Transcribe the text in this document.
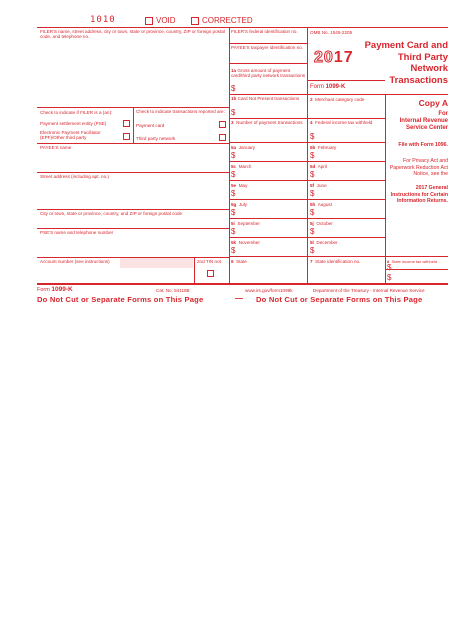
1010	VOID	CORRECTED
FILER'S name, street address, city or town, state or province, country, ZIP or foreign postal code, and telephone no.
FILER'S federal identification no.
PAYEE'S taxpayer identification no.
Check to indicate if FILER is a (an):	Check to indicate transactions reported are:
Payment settlement entity (PSE)
Electronic Payment Facilitator (EPF)/Other third party
Payment card
Third party network
PAYEE'S name
Street address (including apt. no.)
City or town, state or province, country, and ZIP or foreign postal code
PSE'S name and telephone number
Account number (see instructions)	2nd TIN not.
1a Gross amount of payment card/third party network transactions
$
OMB No. 1545-2205
2017
Form 1099-K
Payment Card and Third Party Network Transactions
1b Card Not Present transactions
$
2 Merchant category code
3 Number of payment transactions	4 Federal income tax withheld
$
5a January
$
5b February
$
5c March
$
5d April
$
5e May
$
5f June
$
5g July
$
5h August
$
5i September
$
5j October
$
5k November
$
5l December
$
6 State	7 State identification no.	8 State income tax withheld
$
$
Copy A
For
Internal Revenue Service Center
File with Form 1096.
For Privacy Act and Paperwork Reduction Act Notice, see the
2017 General Instructions for Certain Information Returns.
Form 1099-K	Cat. No. 54118B	www.irs.gov/form1099k	Department of the Treasury - Internal Revenue Service
Do Not Cut or Separate Forms on This Page	— Do Not Cut or Separate Forms on This Page
